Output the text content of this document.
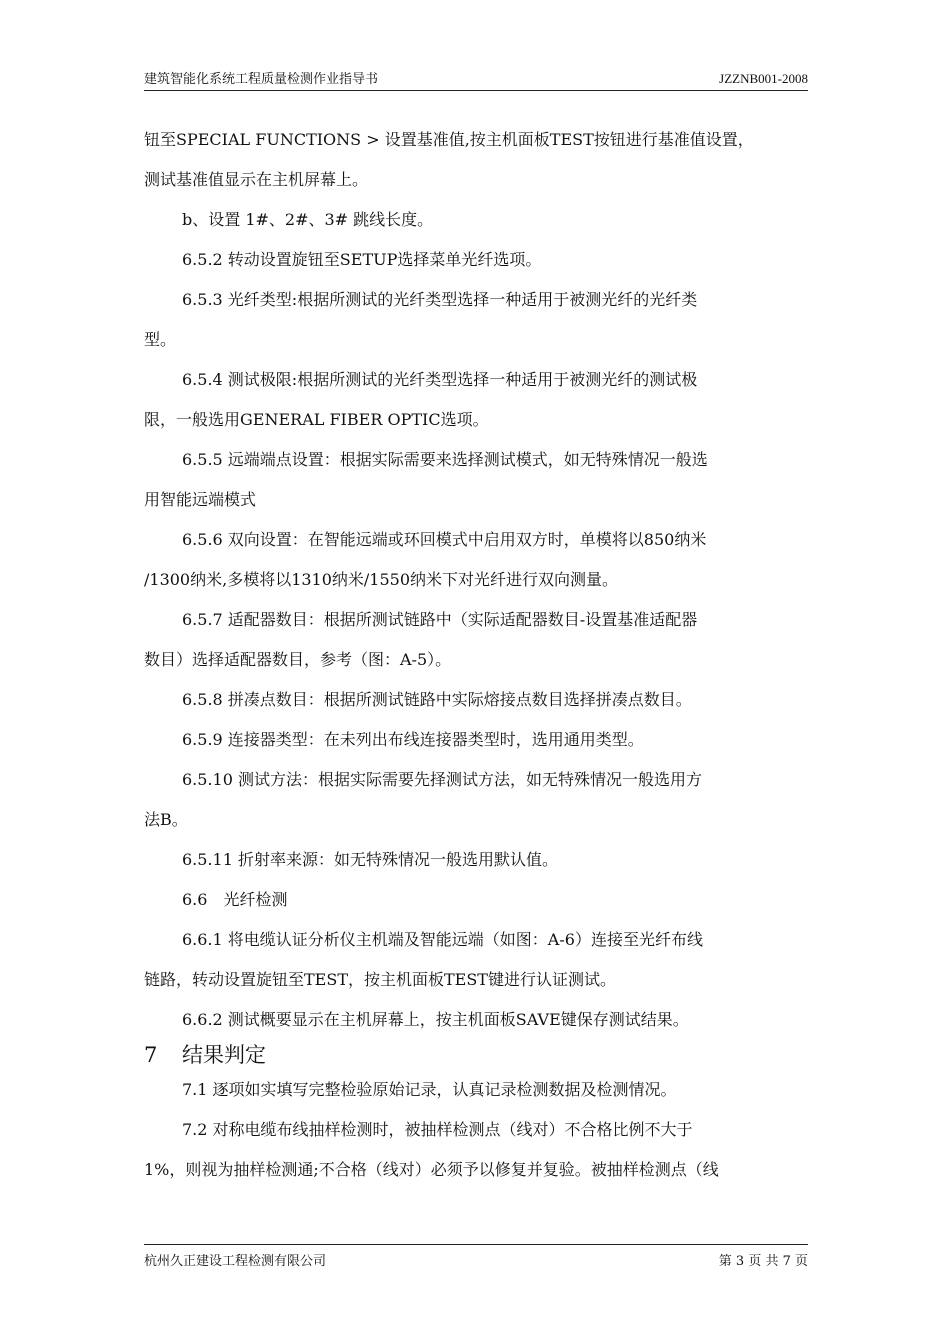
建筑智能化系统工程质量检测作业指导书	JZZNB001-2008

钮至SPECIAL FUNCTIONS > 设置基准值,按主机面板TEST按钮进行基准值设置，

测试基准值显示在主机屏幕上。

b、设置 1#、2#、3# 跳线长度。

6.5.2 转动设置旋钮至SETUP选择菜单光纤选项。

6.5.3 光纤类型:根据所测试的光纤类型选择一种适用于被测光纤的光纤类

型。

6.5.4 测试极限:根据所测试的光纤类型选择一种适用于被测光纤的测试极

限，一般选用GENERAL FIBER OPTIC选项。

6.5.5 远端端点设置：根据实际需要来选择测试模式，如无特殊情况一般选

用智能远端模式

6.5.6 双向设置：在智能远端或环回模式中启用双方时，单模将以850纳米

/1300纳米,多模将以1310纳米/1550纳米下对光纤进行双向测量。

6.5.7 适配器数目：根据所测试链路中（实际适配器数目-设置基准适配器

数目）选择适配器数目，参考（图：A-5）。

6.5.8 拼凑点数目：根据所测试链路中实际熔接点数目选择拼凑点数目。

6.5.9 连接器类型：在未列出布线连接器类型时，选用通用类型。

6.5.10 测试方法：根据实际需要先择测试方法，如无特殊情况一般选用方

法B。

6.5.11 折射率来源：如无特殊情况一般选用默认值。

6.6　光纤检测

6.6.1 将电缆认证分析仪主机端及智能远端（如图：A-6）连接至光纤布线

链路，转动设置旋钮至TEST，按主机面板TEST键进行认证测试。

6.6.2 测试概要显示在主机屏幕上，按主机面板SAVE键保存测试结果。

7 结果判定

7.1 逐项如实填写完整检验原始记录，认真记录检测数据及检测情况。

7.2 对称电缆布线抽样检测时，被抽样检测点（线对）不合格比例不大于

1%，则视为抽样检测通;不合格（线对）必须予以修复并复验。被抽样检测点（线

杭州久正建设工程检测有限公司	第 3 页 共 7 页
